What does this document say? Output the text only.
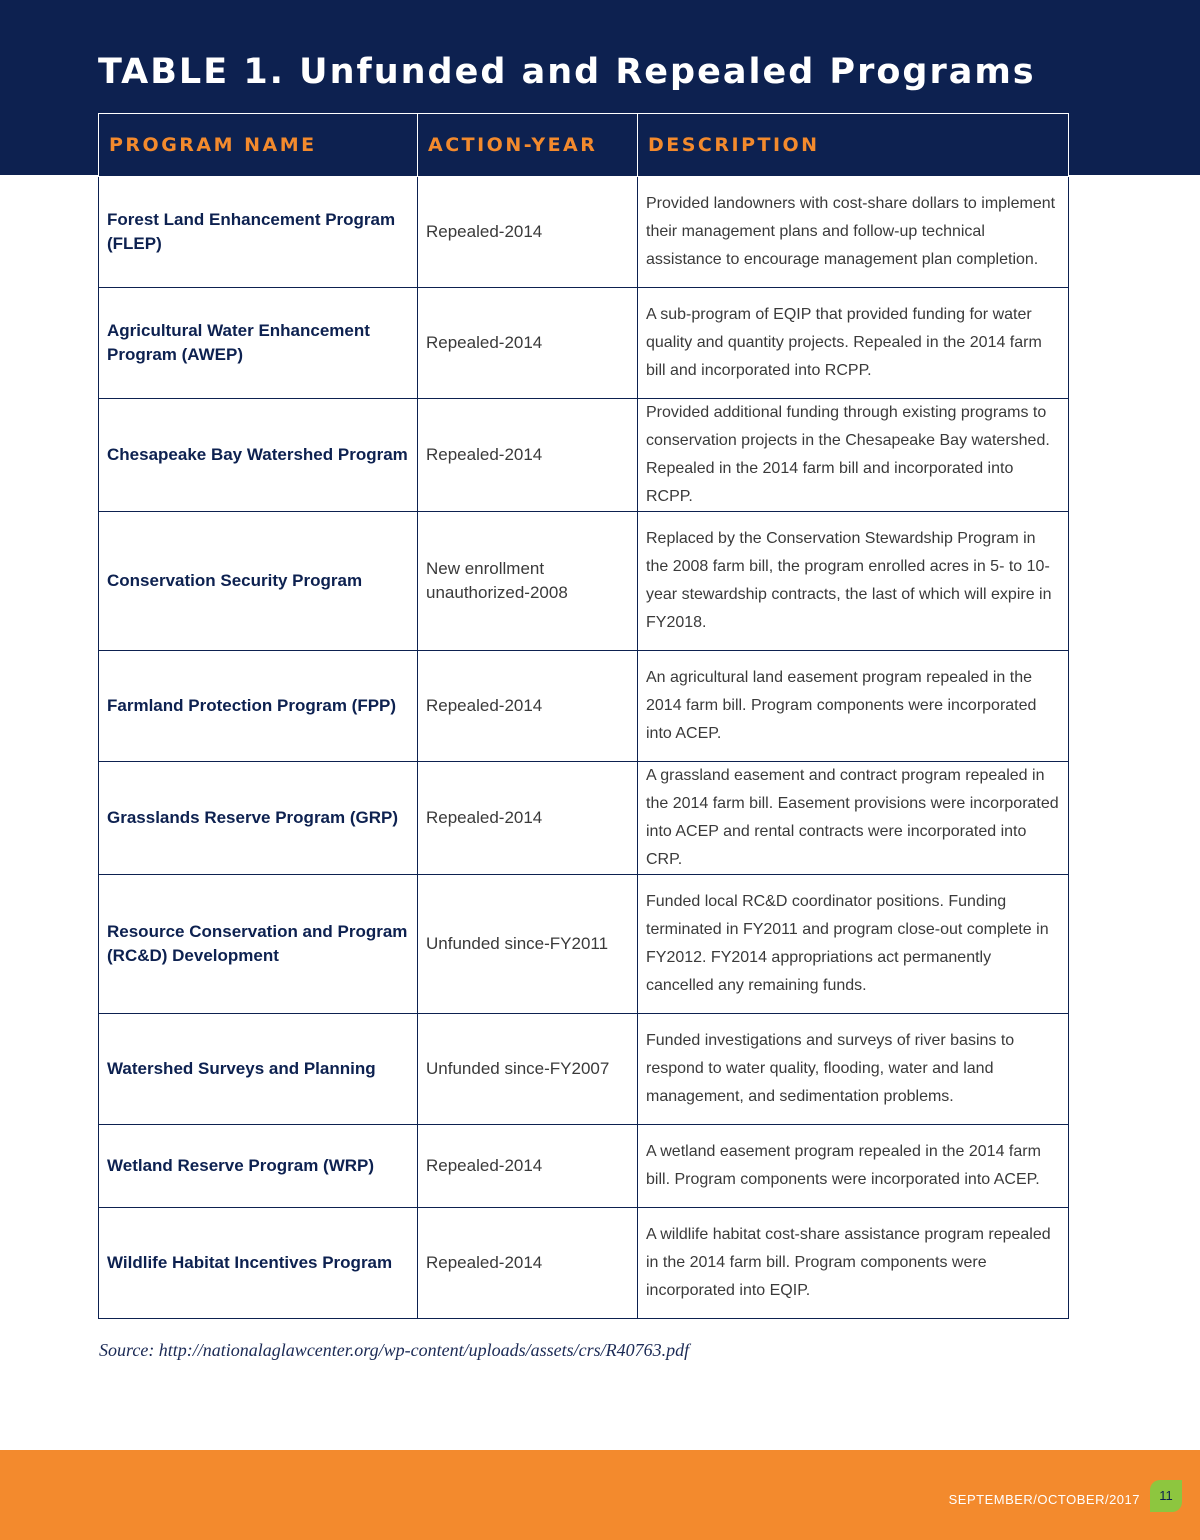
TABLE 1. Unfunded and Repealed Programs
PROGRAM NAME	ACTION-YEAR	DESCRIPTION
Forest Land Enhancement Program (FLEP)	Repealed-2014	Provided landowners with cost-share dollars to implement their management plans and follow-up technical assistance to encourage management plan completion.
Agricultural Water Enhancement Program (AWEP)	Repealed-2014	A sub-program of EQIP that provided funding for water quality and quantity projects. Repealed in the 2014 farm bill and incorporated into RCPP.
Chesapeake Bay Watershed Program	Repealed-2014	Provided additional funding through existing programs to conservation projects in the Chesapeake Bay watershed. Repealed in the 2014 farm bill and incorporated into RCPP.
Conservation Security Program	New enrollment unauthorized-2008	Replaced by the Conservation Stewardship Program in the 2008 farm bill, the program enrolled acres in 5- to 10-year stewardship contracts, the last of which will expire in FY2018.
Farmland Protection Program (FPP)	Repealed-2014	An agricultural land easement program repealed in the 2014 farm bill. Program components were incorporated into ACEP.
Grasslands Reserve Program (GRP)	Repealed-2014	A grassland easement and contract program repealed in the 2014 farm bill. Easement provisions were incorporated into ACEP and rental contracts were incorporated into CRP.
Resource Conservation and Program (RC&D) Development	Unfunded since-FY2011	Funded local RC&D coordinator positions. Funding terminated in FY2011 and program close-out complete in FY2012. FY2014 appropriations act permanently cancelled any remaining funds.
Watershed Surveys and Planning	Unfunded since-FY2007	Funded investigations and surveys of river basins to respond to water quality, flooding, water and land management, and sedimentation problems.
Wetland Reserve Program (WRP)	Repealed-2014	A wetland easement program repealed in the 2014 farm bill. Program components were incorporated into ACEP.
Wildlife Habitat Incentives Program	Repealed-2014	A wildlife habitat cost-share assistance program repealed in the 2014 farm bill. Program components were incorporated into EQIP.
Source: http://nationalaglawcenter.org/wp-content/uploads/assets/crs/R40763.pdf
SEPTEMBER/OCTOBER/2017	11
